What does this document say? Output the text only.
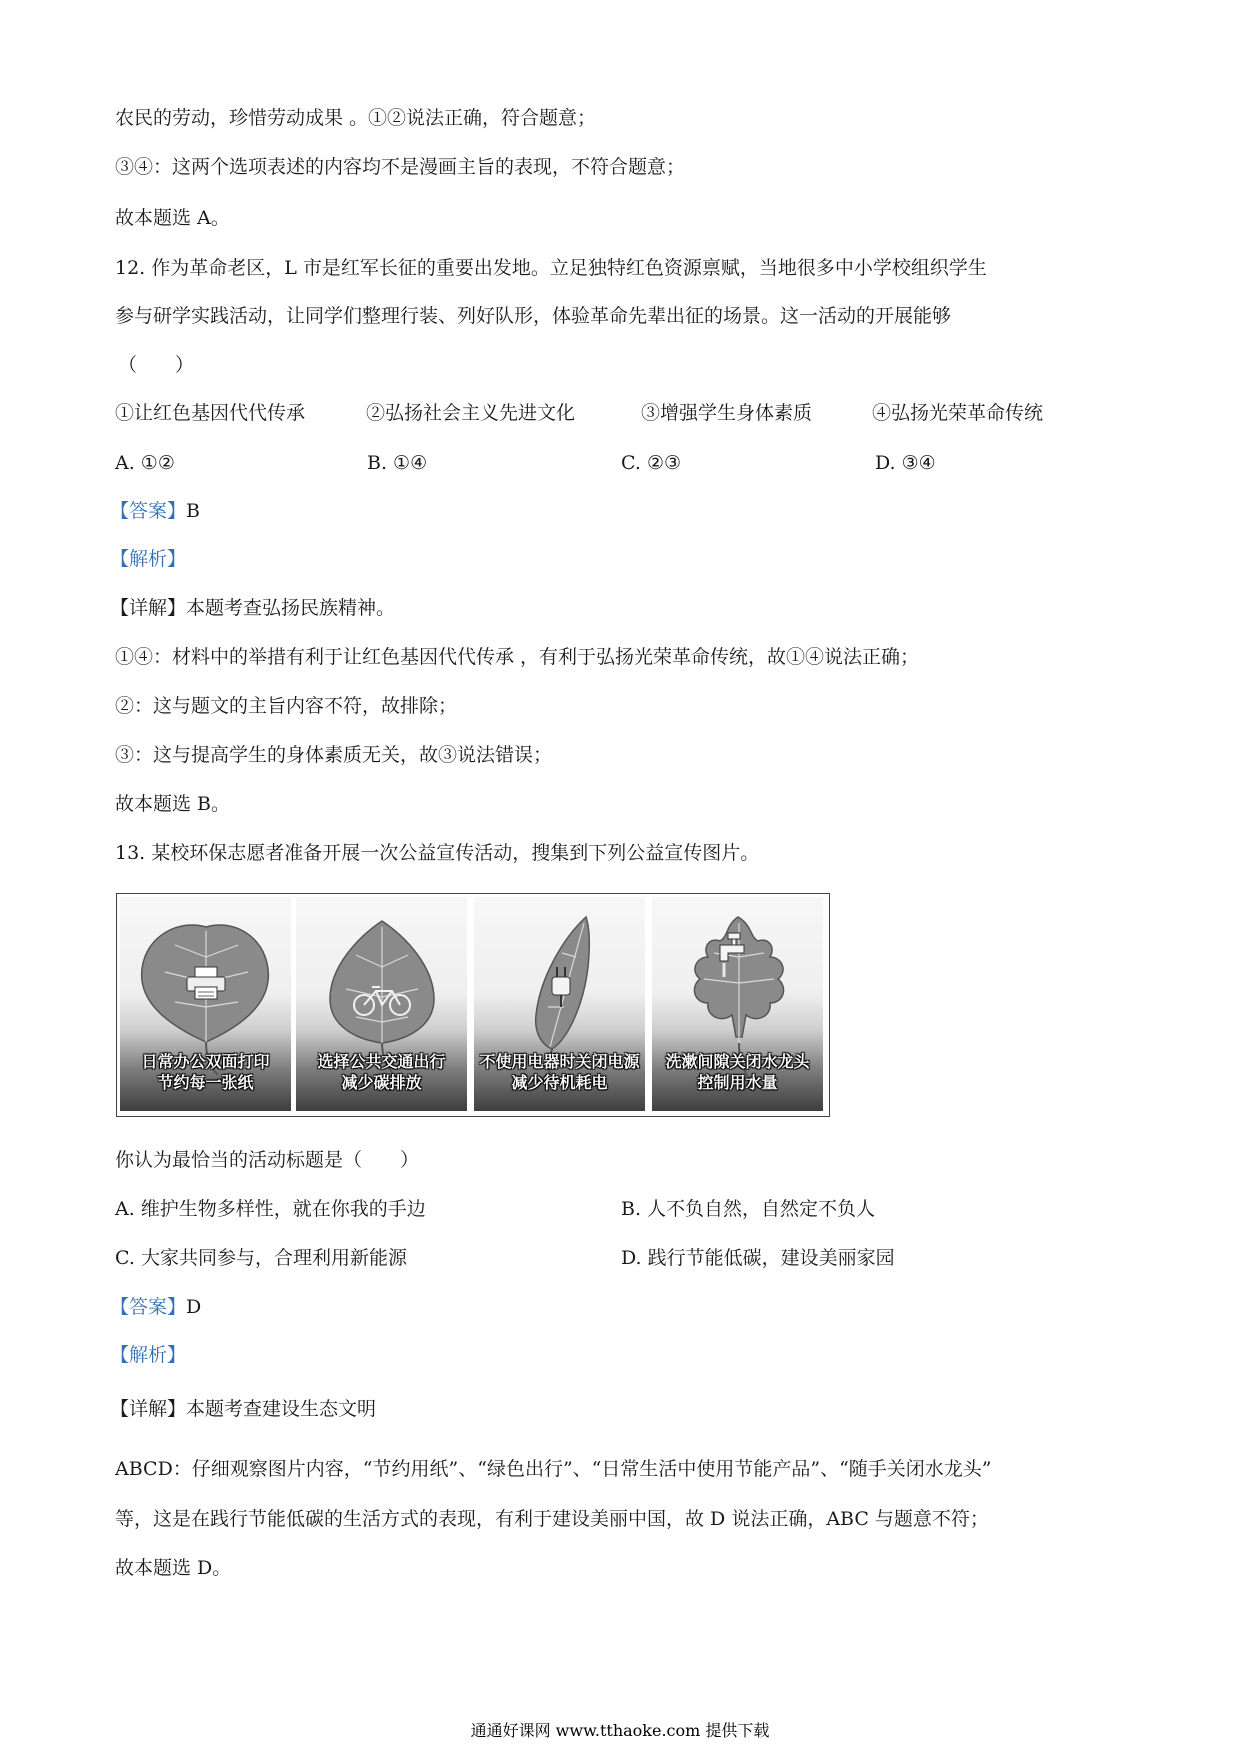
农民的劳动，珍惜劳动成果 。①②说法正确，符合题意；
③④：这两个选项表述的内容均不是漫画主旨的表现，不符合题意；
故本题选 A。
12. 作为革命老区，L 市是红军长征的重要出发地。立足独特红色资源禀赋，当地很多中小学校组织学生
参与研学实践活动，让同学们整理行装、列好队形，体验革命先辈出征的场景。这一活动的开展能够
（　　）
①让红色基因代代传承	②弘扬社会主义先进文化	③增强学生身体素质	④弘扬光荣革命传统
A. ①②	B. ①④	C. ②③	D. ③④
【答案】B
【解析】
【详解】本题考查弘扬民族精神。
①④：材料中的举措有利于让红色基因代代传承 ，有利于弘扬光荣革命传统，故①④说法正确；
②：这与题文的主旨内容不符，故排除；
③：这与提高学生的身体素质无关，故③说法错误；
故本题选 B。
13. 某校环保志愿者准备开展一次公益宣传活动，搜集到下列公益宣传图片。
日常办公双面打印
节约每一张纸
选择公共交通出行
减少碳排放
不使用电器时关闭电源
减少待机耗电
洗漱间隙关闭水龙头
控制用水量
你认为最恰当的活动标题是（　　）
A. 维护生物多样性，就在你我的手边	B. 人不负自然，自然定不负人
C. 大家共同参与，合理利用新能源	D. 践行节能低碳，建设美丽家园
【答案】D
【解析】
【详解】本题考查建设生态文明
ABCD：仔细观察图片内容，“节约用纸”、“绿色出行”、“日常生活中使用节能产品”、“随手关闭水龙头”
等，这是在践行节能低碳的生活方式的表现，有利于建设美丽中国，故 D 说法正确，ABC 与题意不符；
故本题选 D。
通通好课网 www.tthaoke.com 提供下载
